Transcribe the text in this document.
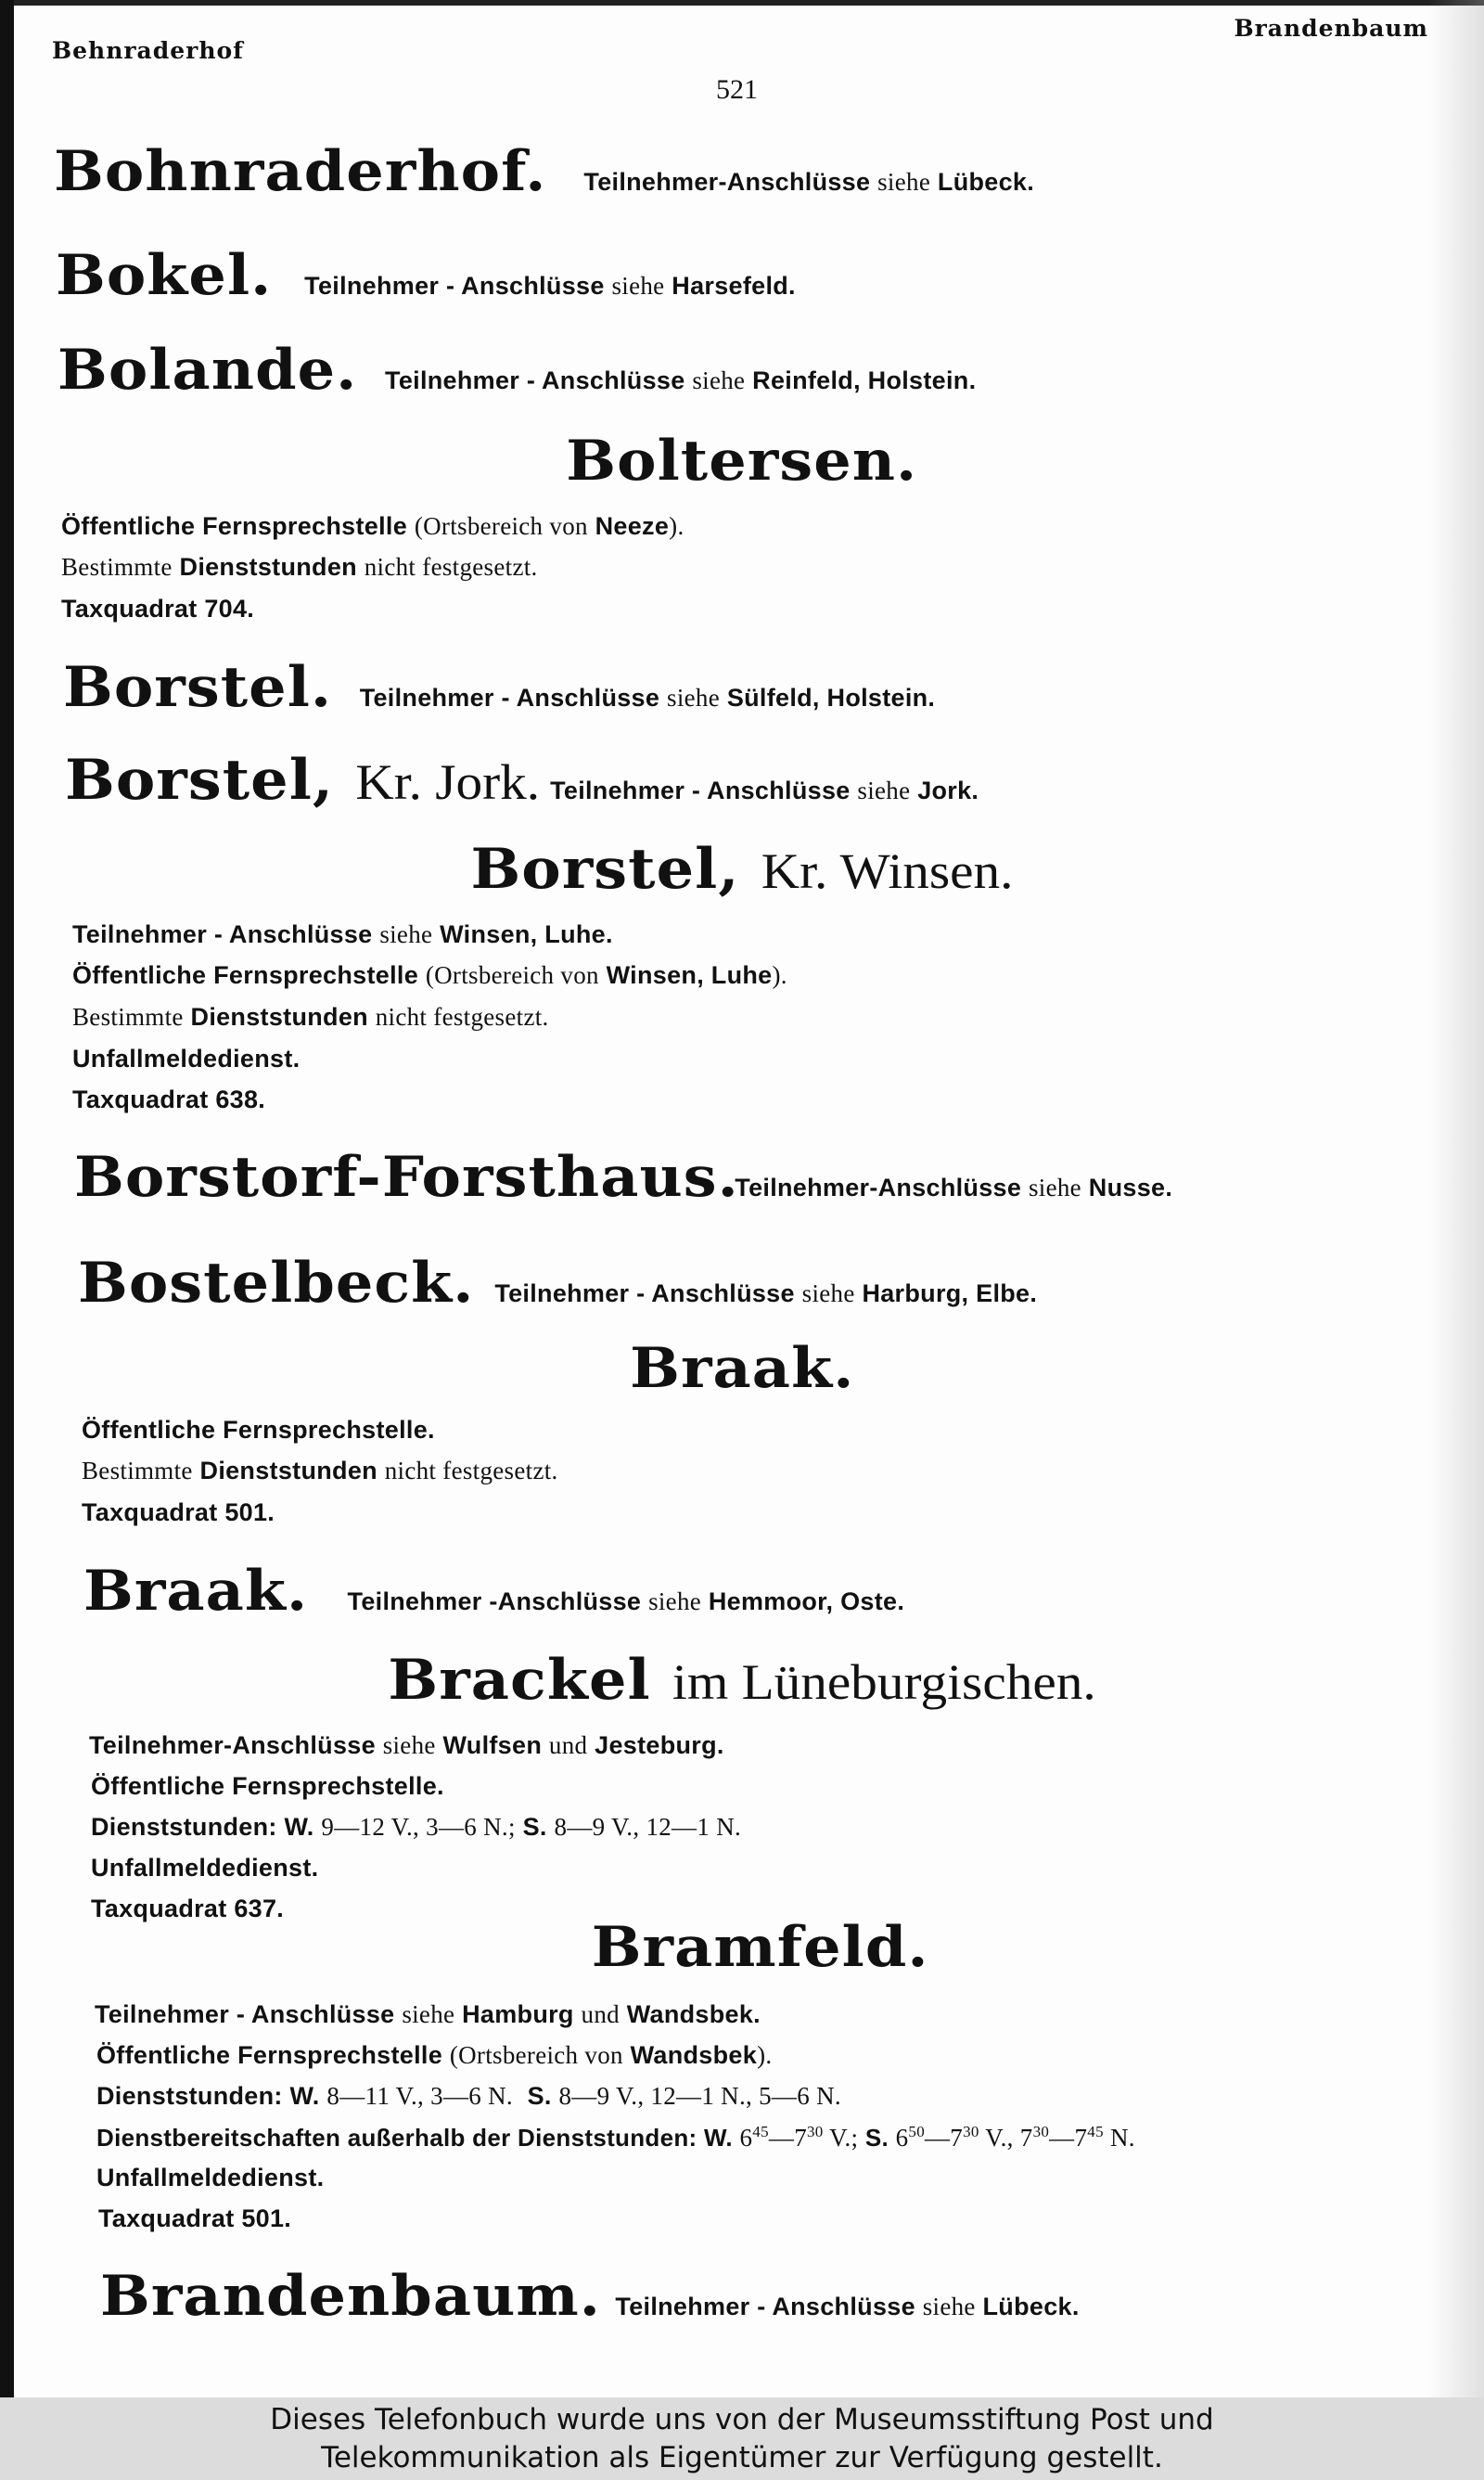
Behnraderhof
Brandenbaum
521
Bohnraderhof. Teilnehmer-Anschlüsse siehe Lübeck.
Bokel. Teilnehmer - Anschlüsse siehe Harsefeld.
Bolande. Teilnehmer - Anschlüsse siehe Reinfeld, Holstein.
Boltersen.
Öffentliche Fernsprechstelle (Ortsbereich von Neeze).
Bestimmte Dienststunden nicht festgesetzt.
Taxquadrat 704.
Borstel. Teilnehmer - Anschlüsse siehe Sülfeld, Holstein.
Borstel, Kr. Jork. Teilnehmer - Anschlüsse siehe Jork.
Borstel, Kr. Winsen.
Teilnehmer - Anschlüsse siehe Winsen, Luhe.
Öffentliche Fernsprechstelle (Ortsbereich von Winsen, Luhe).
Bestimmte Dienststunden nicht festgesetzt.
Unfallmeldedienst.
Taxquadrat 638.
Borstorf-Forsthaus.
Teilnehmer-Anschlüsse siehe Nusse.
Bostelbeck. Teilnehmer - Anschlüsse siehe Harburg, Elbe.
Braak.
Öffentliche Fernsprechstelle.
Bestimmte Dienststunden nicht festgesetzt.
Taxquadrat 501.
Braak. Teilnehmer -Anschlüsse siehe Hemmoor, Oste.
Brackel im Lüneburgischen.
Teilnehmer-Anschlüsse siehe Wulfsen und Jesteburg.
Öffentliche Fernsprechstelle.
Dienststunden: W. 9—12 V., 3—6 N.; S. 8—9 V., 12—1 N.
Unfallmeldedienst.
Taxquadrat 637.
Bramfeld.
Teilnehmer - Anschlüsse siehe Hamburg und Wandsbek.
Öffentliche Fernsprechstelle (Ortsbereich von Wandsbek).
Dienststunden: W. 8—11 V., 3—6 N. S. 8—9 V., 12—1 N., 5—6 N.
Dienstbereitschaften außerhalb der Dienststunden: W. $6^{45}—7^{30}$ V.; S. $6^{50}—7^{30}$ V., $7^{30}—7^{45}$ N.
Unfallmeldedienst.
Taxquadrat 501.
Brandenbaum. Teilnehmer - Anschlüsse siehe Lübeck.
Dieses Telefonbuch wurde uns von der Museumsstiftung Post und
Telekommunikation als Eigentümer zur Verfügung gestellt.
